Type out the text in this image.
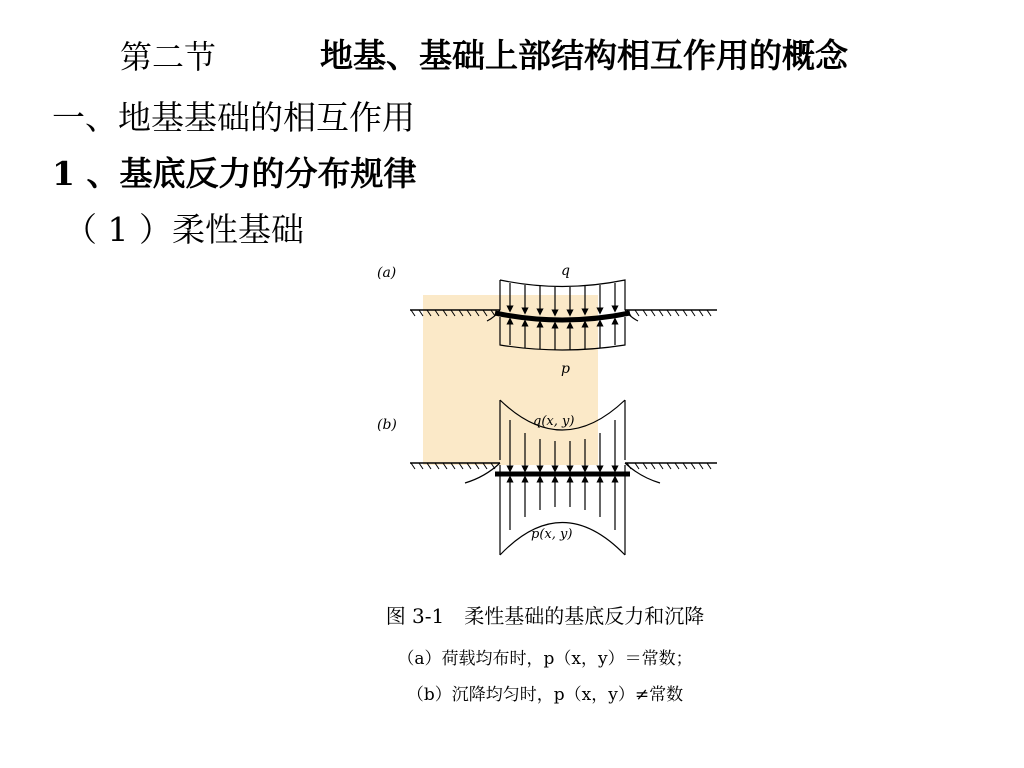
第二节	地基、基础上部结构相互作用的概念
一、地基基础的相互作用
1 、基底反力的分布规律
（ 1 ）柔性基础
(a)	q
p
(b)	q(x, y)
p(x, y)
图 3-1　柔性基础的基底反力和沉降
（a）荷载均布时，p（x，y）＝常数；
（b）沉降均匀时，p（x，y）≠常数
